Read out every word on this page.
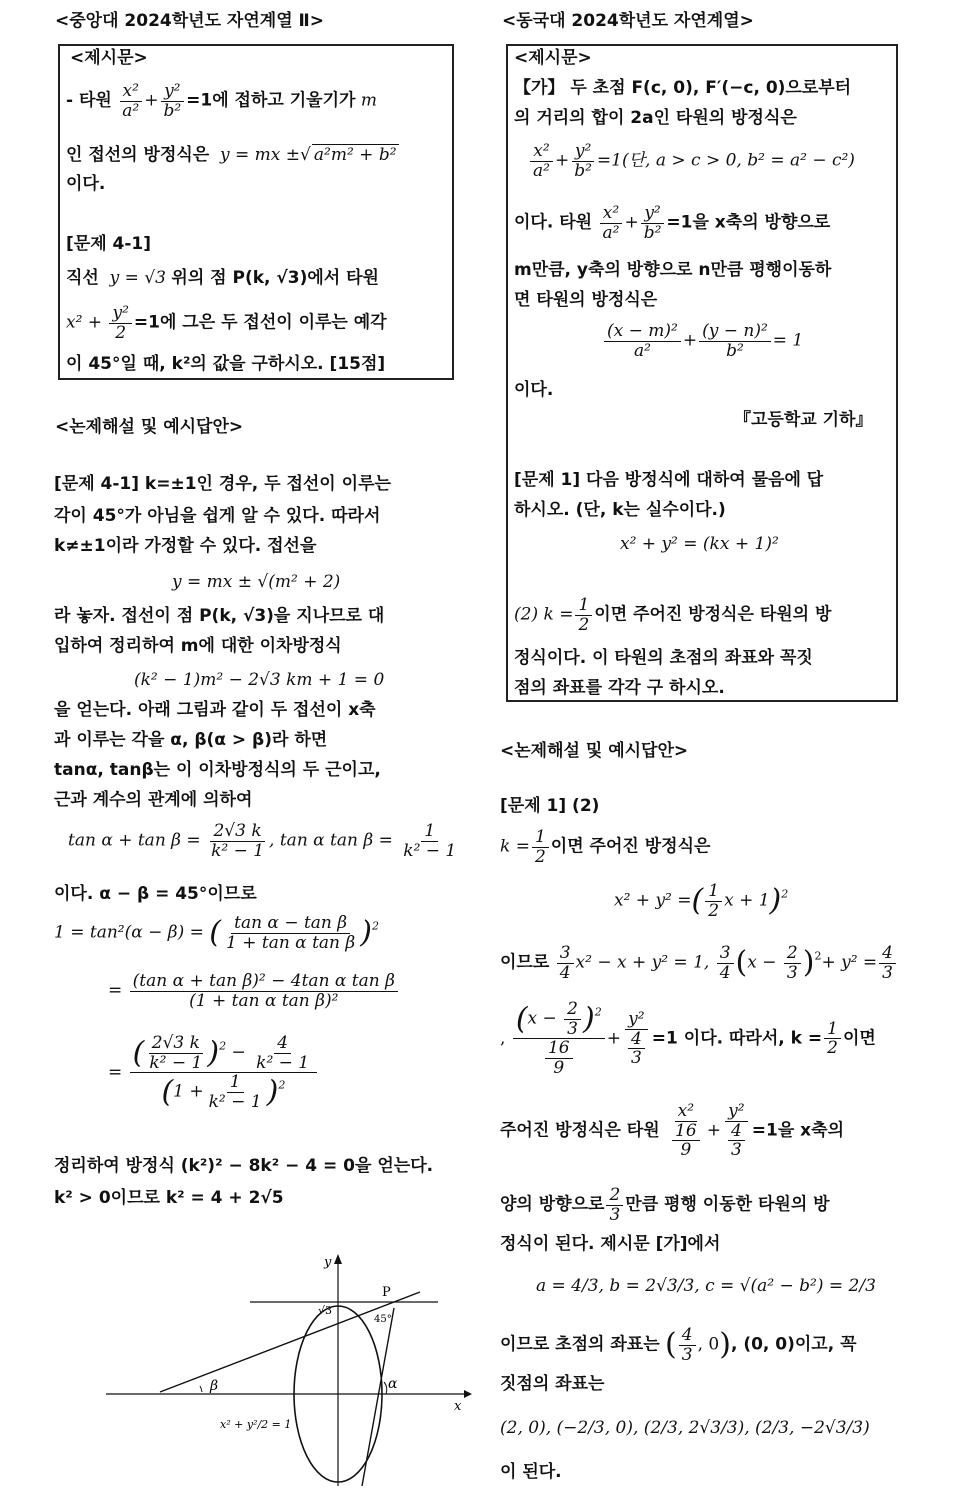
<중앙대 2024학년도 자연계열 Ⅱ>
<제시문>
- 타원 $\frac{\text{x²}}{\text{a²}} + \frac{\text{y²}}{\text{b²}} =1$에 접하고 기울기가 m
인 접선의 방정식은 y = mx ±√ a²m² + b²
이다.
[문제 4-1]
직선 y = √3 위의 점 P(k, √3)에서 타원
$x^2 + \frac{\text{y²}}{2} =1$에 그은 두 접선이 이루는 예각
이 45°일 때, k²의 값을 구하시오. [15점]
<논제해설 및 예시답안>
[문제 4-1] k=±1인 경우, 두 접선이 이루는
각이 45°가 아님을 쉽게 알 수 있다. 따라서
k≠±1이라 가정할 수 있다. 접선을
y = mx ± √(m² + 2)
라 놓자. 접선이 점 P(k, √3)을 지나므로 대
입하여 정리하여 m에 대한 이차방정식
(k² − 1)m² − 2√3 km + 1 = 0
을 얻는다. 아래 그림과 같이 두 접선이 x축
과 이루는 각을 α, β(α > β)라 하면
tanα, tanβ는 이 이차방정식의 두 근이고,
근과 계수의 관계에 의하여
$\tan \alpha + \tan \beta = \frac{2√3 k}{\text{k² − 1}}$ , tan α $\tan \beta = \frac{1}{\text{k² − 1}}$
이다. α − β = 45°이므로
1 = tan²(α − β) = ( $\frac{\text{tan α − tan β}}{\text{1 + tan α tan β}} )^2$
= $\frac{\text{(tan α + tan β)² − 4tan α tan β}}{\text{(1 + tan α tan β)²}}$
= $\frac{( \frac{2√3 k}{\text{k² − 1}} )^2 - \frac{4}{\text{k² − 1}}}{(1 + \frac{1}{\text{k² − 1}} )^2}$
정리하여 방정식 (k²)² − 8k² − 4 = 0을 얻는다.
k² > 0이므로 k² = 4 + 2√5
y
x
√3
P
45°
β	α
x² + y²/2 = 1
<동국대 2024학년도 자연계열>
<제시문>
【가】 두 초점 F(c, 0), F′(−c, 0)으로부터
의 거리의 합이 2a인 타원의 방정식은
$\frac{\text{x²}}{\text{a²}} + \frac{\text{y²}}{\text{b²}} =1$(단, a > c > 0, b² = a² − c²)
이다. 타원 $\frac{\text{x²}}{\text{a²}} + \frac{\text{y²}}{\text{b²}} =1$을 x축의 방향으로
m만큼, y축의 방향으로 n만큼 평행이동하
면 타원의 방정식은
$\frac{\text{(x − m)²}}{\text{a²}} + \frac{\text{(y − n)²}}{\text{b²}} = 1$
이다.
『고등학교 기하』
[문제 1] 다음 방정식에 대하여 물음에 답
하시오. (단, k는 실수이다.)
x² + y² = (kx + 1)²
(2) $k = \frac{1}{2}$ 이면 주어진 방정식은 타원의 방
정식이다. 이 타원의 초점의 좌표와 꼭짓
점의 좌표를 각각 구 하시오.
<논제해설 및 예시답안>
[문제 1] (2)
$k = \frac{1}{2}$ 이면 주어진 방정식은
x² + y² =( $\frac{1}{2}$ x + 1)$^2$
이므로 $\frac{3}{4} x^2 - x + y^2 = 1$, $\frac{3}{4} (x - \frac{2}{3} )^2+ y^2 = \frac{4}{3}$
, $\frac{(x - \frac{2}{3} )^2}{\frac{16}{9}} + \frac{\text{y²}}{\frac{4}{3}} =1$ 이다. 따라서, $k = \frac{1}{2}$ 이면
주어진 방정식은 타원 $\frac{\text{x²}}{\frac{16}{9}} + \frac{\text{y²}}{\frac{4}{3}} =1$을 x축의
양의 방향으로 $\frac{2}{3}$ 만큼 평행 이동한 타원의 방
정식이 된다. 제시문 [가]에서
a = 4/3, b = 2√3/3, c = √(a² − b²) = 2/3
이므로 초점의 좌표는 ( $\frac{4}{3}$ , 0), (0, 0)이고, 꼭
짓점의 좌표는
(2, 0), (−2/3, 0), (2/3, 2√3/3), (2/3, −2√3/3)
이 된다.
